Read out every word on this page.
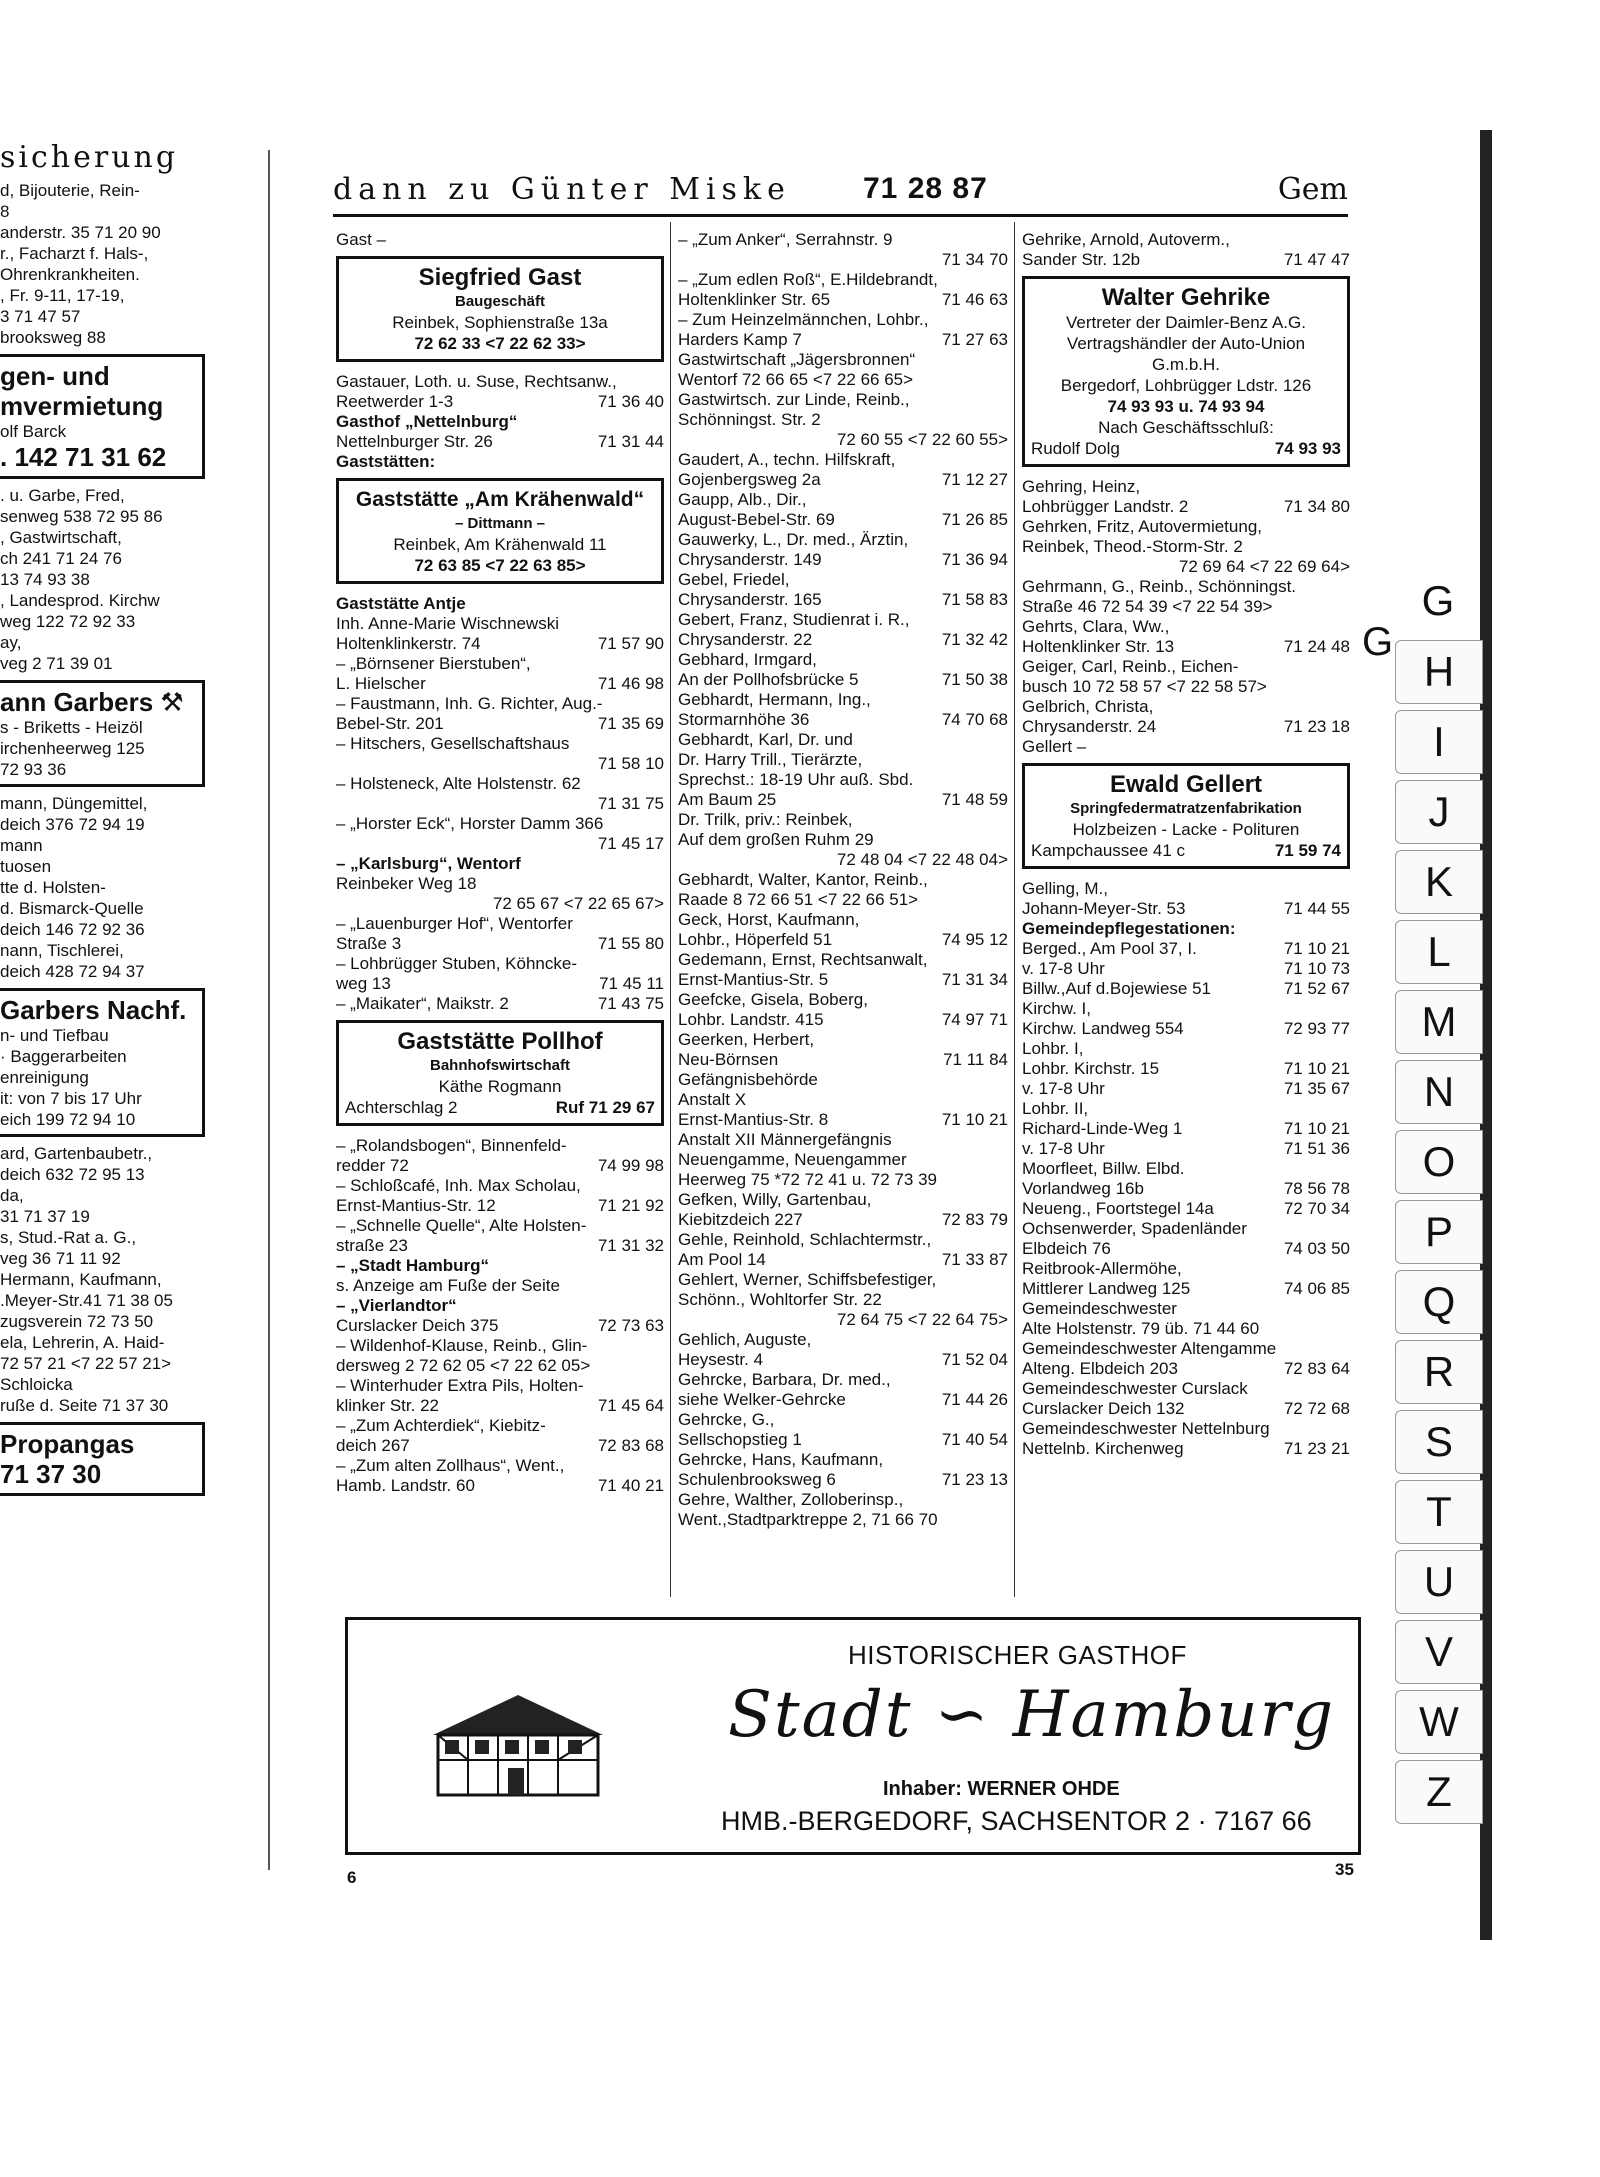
sicherung
d, Bijouterie, Rein-
8
anderstr. 35 71 20 90
r., Facharzt f. Hals-,
Ohrenkrankheiten.
, Fr. 9-11, 17-19,
3 71 47 57
brooksweg 88
gen- und
mvermietung
olf Barck
. 142 71 31 62
. u. Garbe, Fred,
senweg 538 72 95 86
, Gastwirtschaft,
ch 241 71 24 76
13 74 93 38
, Landesprod. Kirchw
weg 122 72 92 33
ay,
veg 2 71 39 01
ann Garbers ⚒
s - Briketts - Heizöl
irchenheerweg 125
72 93 36
mann, Düngemittel,
deich 376 72 94 19
mann
tuosen
tte d. Holsten-
d. Bismarck-Quelle
deich 146 72 92 36
nann, Tischlerei,
deich 428 72 94 37
Garbers Nachf.
n- und Tiefbau
· Baggerarbeiten
enreinigung
it: von 7 bis 17 Uhr
eich 199 72 94 10
ard, Gartenbaubetr.,
deich 632 72 95 13
da,
31 71 37 19
s, Stud.-Rat a. G.,
veg 36 71 11 92
Hermann, Kaufmann,
.Meyer-Str.41 71 38 05
zugsverein 72 73 50
ela, Lehrerin, A. Haid-
72 57 21 <7 22 57 21>
Schloicka
ruße d. Seite 71 37 30
Propangas
71 37 30
dann zu Günter Miske 71 28 87	Gem
Gast –
Siegfried Gast
Baugeschäft
Reinbek, Sophienstraße 13a
72 62 33 <7 22 62 33>
Gastauer, Loth. u. Suse, Rechtsanw.,
Reetwerder 1-3	71 36 40
Gasthof „Nettelnburg“
Nettelnburger Str. 26	71 31 44
Gaststätten:
Gaststätte „Am Krähenwald“
– Dittmann –
Reinbek, Am Krähenwald 11
72 63 85 <7 22 63 85>
Gaststätte Antje
Inh. Anne-Marie Wischnewski
Holtenklinkerstr. 74	71 57 90
– „Börnsener Bierstuben“,
L. Hielscher	71 46 98
– Faustmann, Inh. G. Richter, Aug.-
Bebel-Str. 201	71 35 69
– Hitschers, Gesellschaftshaus
71 58 10
– Holsteneck, Alte Holstenstr. 62
71 31 75
– „Horster Eck“, Horster Damm 366
71 45 17
– „Karlsburg“, Wentorf
Reinbeker Weg 18
72 65 67 <7 22 65 67>
– „Lauenburger Hof“, Wentorfer
Straße 3	71 55 80
– Lohbrügger Stuben, Köhncke-
weg 13	71 45 11
– „Maikater“, Maikstr. 2	71 43 75
Gaststätte Pollhof
Bahnhofswirtschaft
Käthe Rogmann
Achterschlag 2	Ruf 71 29 67
– „Rolandsbogen“, Binnenfeld-
redder 72	74 99 98
– Schloßcafé, Inh. Max Scholau,
Ernst-Mantius-Str. 12	71 21 92
– „Schnelle Quelle“, Alte Holsten-
straße 23	71 31 32
– „Stadt Hamburg“
s. Anzeige am Fuße der Seite
– „Vierlandtor“
Curslacker Deich 375	72 73 63
– Wildenhof-Klause, Reinb., Glin-
dersweg 2 72 62 05 <7 22 62 05>
– Winterhuder Extra Pils, Holten-
klinker Str. 22	71 45 64
– „Zum Achterdiek“, Kiebitz-
deich 267	72 83 68
– „Zum alten Zollhaus“, Went.,
Hamb. Landstr. 60	71 40 21
– „Zum Anker“, Serrahnstr. 9
71 34 70
– „Zum edlen Roß“, E.Hildebrandt,
Holtenklinker Str. 65	71 46 63
– Zum Heinzelmännchen, Lohbr.,
Harders Kamp 7	71 27 63
Gastwirtschaft „Jägersbronnen“
Wentorf 72 66 65 <7 22 66 65>
Gastwirtsch. zur Linde, Reinb.,
Schönningst. Str. 2
72 60 55 <7 22 60 55>
Gaudert, A., techn. Hilfskraft,
Gojenbergsweg 2a	71 12 27
Gaupp, Alb., Dir.,
August-Bebel-Str. 69	71 26 85
Gauwerky, L., Dr. med., Ärztin,
Chrysanderstr. 149	71 36 94
Gebel, Friedel,
Chrysanderstr. 165	71 58 83
Gebert, Franz, Studienrat i. R.,
Chrysanderstr. 22	71 32 42
Gebhard, Irmgard,
An der Pollhofsbrücke 5	71 50 38
Gebhardt, Hermann, Ing.,
Stormarnhöhe 36	74 70 68
Gebhardt, Karl, Dr. und
Dr. Harry Trill., Tierärzte,
Sprechst.: 18-19 Uhr auß. Sbd.
Am Baum 25	71 48 59
Dr. Trilk, priv.: Reinbek,
Auf dem großen Ruhm 29
72 48 04 <7 22 48 04>
Gebhardt, Walter, Kantor, Reinb.,
Raade 8 72 66 51 <7 22 66 51>
Geck, Horst, Kaufmann,
Lohbr., Höperfeld 51	74 95 12
Gedemann, Ernst, Rechtsanwalt,
Ernst-Mantius-Str. 5	71 31 34
Geefcke, Gisela, Boberg,
Lohbr. Landstr. 415	74 97 71
Geerken, Herbert,
Neu-Börnsen	71 11 84
Gefängnisbehörde
Anstalt X
Ernst-Mantius-Str. 8	71 10 21
Anstalt XII Männergefängnis
Neuengamme, Neuengammer
Heerweg 75 *72 72 41 u. 72 73 39
Gefken, Willy, Gartenbau,
Kiebitzdeich 227	72 83 79
Gehle, Reinhold, Schlachtermstr.,
Am Pool 14	71 33 87
Gehlert, Werner, Schiffsbefestiger,
Schönn., Wohltorfer Str. 22
72 64 75 <7 22 64 75>
Gehlich, Auguste,
Heysestr. 4	71 52 04
Gehrcke, Barbara, Dr. med.,
siehe Welker-Gehrcke	71 44 26
Gehrcke, G.,
Sellschopstieg 1	71 40 54
Gehrcke, Hans, Kaufmann,
Schulenbrooksweg 6	71 23 13
Gehre, Walther, Zolloberinsp.,
Went.,Stadtparktreppe 2, 71 66 70
Gehrike, Arnold, Autoverm.,
Sander Str. 12b	71 47 47
Walter Gehrike
Vertreter der Daimler-Benz A.G.
Vertragshändler der Auto-Union
G.m.b.H.
Bergedorf, Lohbrügger Ldstr. 126
74 93 93 u. 74 93 94
Nach Geschäftsschluß:
Rudolf Dolg	74 93 93
Gehring, Heinz,
Lohbrügger Landstr. 2	71 34 80
Gehrken, Fritz, Autovermietung,
Reinbek, Theod.-Storm-Str. 2
72 69 64 <7 22 69 64>
Gehrmann, G., Reinb., Schönningst.
Straße 46 72 54 39 <7 22 54 39>
Gehrts, Clara, Ww.,
Holtenklinker Str. 13	71 24 48
Geiger, Carl, Reinb., Eichen-
busch 10 72 58 57 <7 22 58 57>
Gelbrich, Christa,
Chrysanderstr. 24	71 23 18
Gellert –
Ewald Gellert
Springfedermatratzenfabrikation
Holzbeizen - Lacke - Polituren
Kampchaussee 41 c	71 59 74
Gelling, M.,
Johann-Meyer-Str. 53	71 44 55
Gemeindepflegestationen:
Berged., Am Pool 37, I.	71 10 21
v. 17-8 Uhr	71 10 73
Billw.,Auf d.Bojewiese 51	71 52 67
Kirchw. I,
Kirchw. Landweg 554	72 93 77
Lohbr. I,
Lohbr. Kirchstr. 15	71 10 21
v. 17-8 Uhr	71 35 67
Lohbr. II,
Richard-Linde-Weg 1	71 10 21
v. 17-8 Uhr	71 51 36
Moorfleet, Billw. Elbd.
Vorlandweg 16b	78 56 78
Neueng., Foortstegel 14a	72 70 34
Ochsenwerder, Spadenländer
Elbdeich 76	74 03 50
Reitbrook-Allermöhe,
Mittlerer Landweg 125	74 06 85
Gemeindeschwester
Alte Holstenstr. 79 üb. 71 44 60
Gemeindeschwester Altengamme
Alteng. Elbdeich 203	72 83 64
Gemeindeschwester Curslack
Curslacker Deich 132	72 72 68
Gemeindeschwester Nettelnburg
Nettelnb. Kirchenweg	71 23 21
G
HISTORISCHER GASTHOF
Stadt ∽ Hamburg
Inhaber: WERNER OHDE
HMB.-BERGEDORF, SACHSENTOR 2 · 7167 66
6	35
G
H
I
J
K
L
M
N
O
P
Q
R
S
T
U
V
W
Z
